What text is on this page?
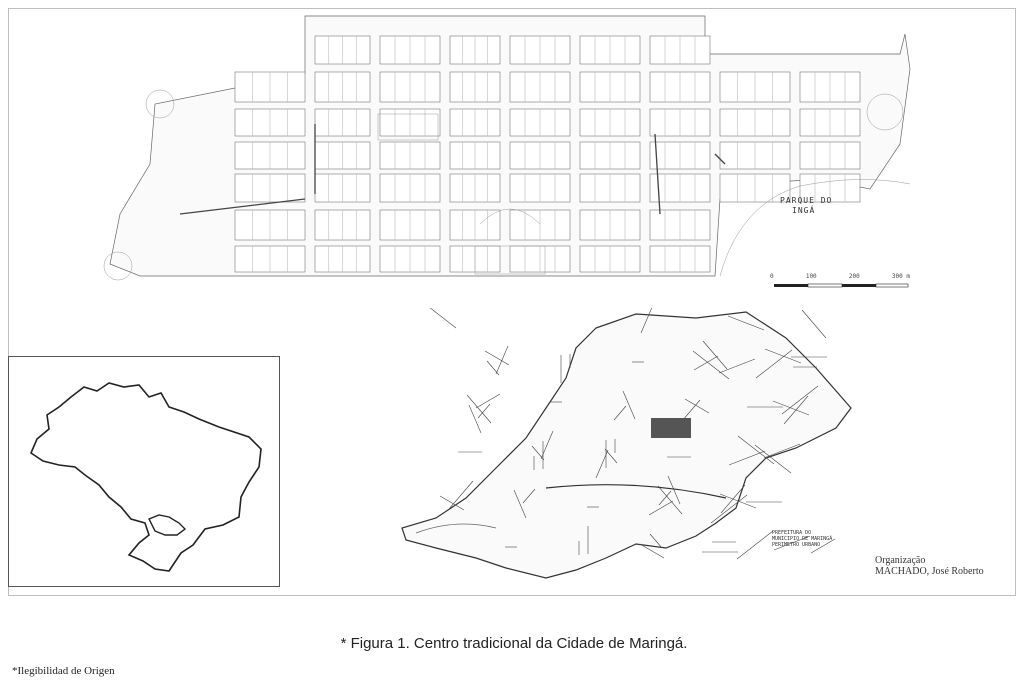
PARQUE DO
INGÁ
0	100	200	300 m
PREFEITURA DO
MUNICIPIO DE MARINGÁ
PERIMETRO URBANO
Organização
MACHADO, José Roberto
* Figura 1. Centro tradicional da Cidade de Maringá.
*Ilegibilidad de Origen
